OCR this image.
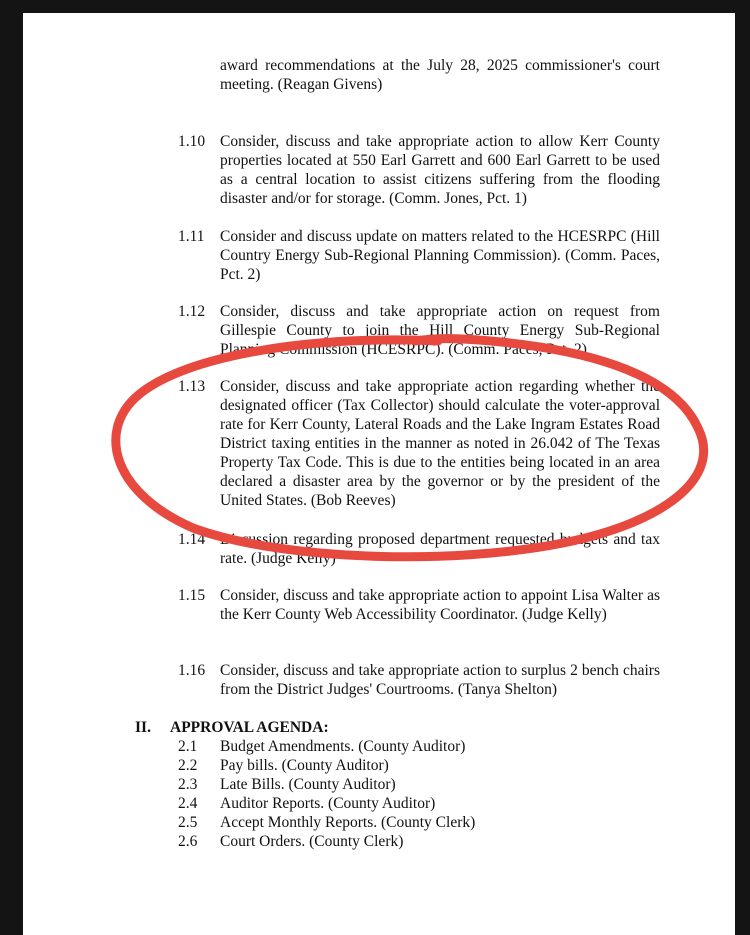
award recommendations at the July 28, 2025 commissioner's court meeting. (Reagan Givens)

1.10 Consider, discuss and take appropriate action to allow Kerr County properties located at 550 Earl Garrett and 600 Earl Garrett to be used as a central location to assist citizens suffering from the flooding disaster and/or for storage. (Comm. Jones, Pct. 1)

1.11 Consider and discuss update on matters related to the HCESRPC (Hill Country Energy Sub-Regional Planning Commission). (Comm. Paces, Pct. 2)

1.12 Consider, discuss and take appropriate action on request from Gillespie County to join the Hill County Energy Sub-Regional Planning Commission (HCESRPC). (Comm. Paces, Pct. 2)

1.13 Consider, discuss and take appropriate action regarding whether the designated officer (Tax Collector) should calculate the voter-approval rate for Kerr County, Lateral Roads and the Lake Ingram Estates Road District taxing entities in the manner as noted in 26.042 of The Texas Property Tax Code. This is due to the entities being located in an area declared a disaster area by the governor or by the president of the United States. (Bob Reeves)

1.14 Discussion regarding proposed department requested budgets and tax rate. (Judge Kelly)

1.15 Consider, discuss and take appropriate action to appoint Lisa Walter as the Kerr County Web Accessibility Coordinator. (Judge Kelly)

1.16 Consider, discuss and take appropriate action to surplus 2 bench chairs from the District Judges' Courtrooms. (Tanya Shelton)

II. APPROVAL AGENDA:
2.1 Budget Amendments. (County Auditor)
2.2 Pay bills. (County Auditor)
2.3 Late Bills. (County Auditor)
2.4 Auditor Reports. (County Auditor)
2.5 Accept Monthly Reports. (County Clerk)
2.6 Court Orders. (County Clerk)
